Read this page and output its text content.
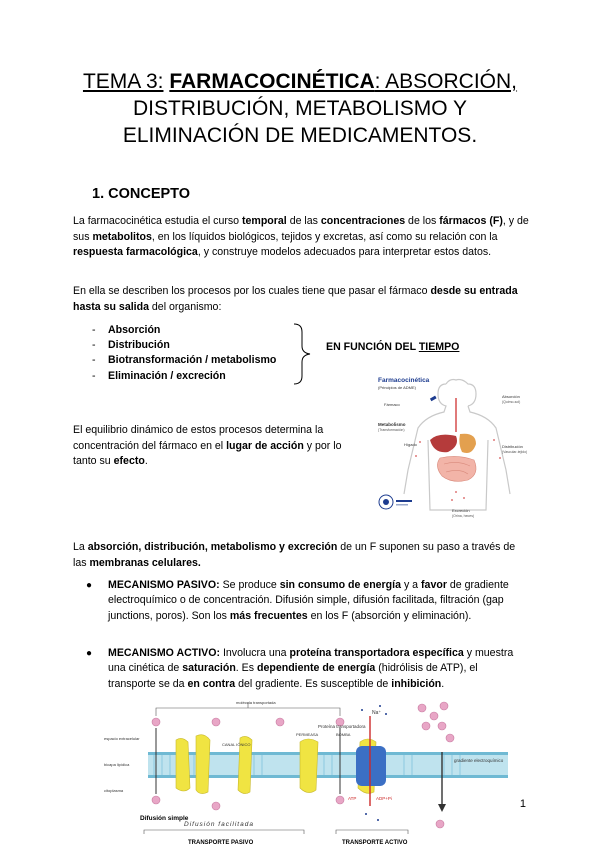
TEMA 3: FARMACOCINÉTICA: ABSORCIÓN,
DISTRIBUCIÓN, METABOLISMO Y
ELIMINACIÓN DE MEDICAMENTOS.
1. CONCEPTO
La farmacocinética estudia el curso temporal de las concentraciones de los fármacos (F), y de sus metabolitos, en los líquidos biológicos, tejidos y excretas, así como su relación con la respuesta farmacológica, y construye modelos adecuados para interpretar estos datos.
En ella se describen los procesos por los cuales tiene que pasar el fármaco desde su entrada hasta su salida del organismo:
- Absorción
- Distribución
- Biotransformación / metabolismo
- Eliminación / excreción
EN FUNCIÓN DEL TIEMPO
El equilibrio dinámico de estos procesos determina la concentración del fármaco en el lugar de acción y por lo tanto su efecto.
Farmacocinética
(Principios de ADME)
Fármaco
Absorción
(Quimo-sol)
Metabolismo
(Transformación)
Hígado	Distribución
(Vascular-tejido)
Excreción
(Orina, heces)
La absorción, distribución, metabolismo y excreción de un F suponen su paso a través de las membranas celulares.
● MECANISMO PASIVO: Se produce sin consumo de energía y a favor de gradiente electroquímico o de concentración. Difusión simple, difusión facilitada, filtración (gap junctions, poros). Son los más frecuentes en los F (absorción y eliminación).
● MECANISMO ACTIVO: Involucra una proteína transportadora específica y muestra una cinética de saturación. Es dependiente de energía (hidrólisis de ATP), el transporte se da en contra del gradiente. Es susceptible de inhibición.
molécula transportada
CANAL IÓNICO
PERMEASA
Proteína transportadora
BOMBA
Na⁺
ATP	ADP+Pi
gradiente electroquímico
espacio extracelular
bicapa lipídica
citoplasma
Difusión simple
Difusión facilitada
TRANSPORTE PASIVO	TRANSPORTE ACTIVO
1
